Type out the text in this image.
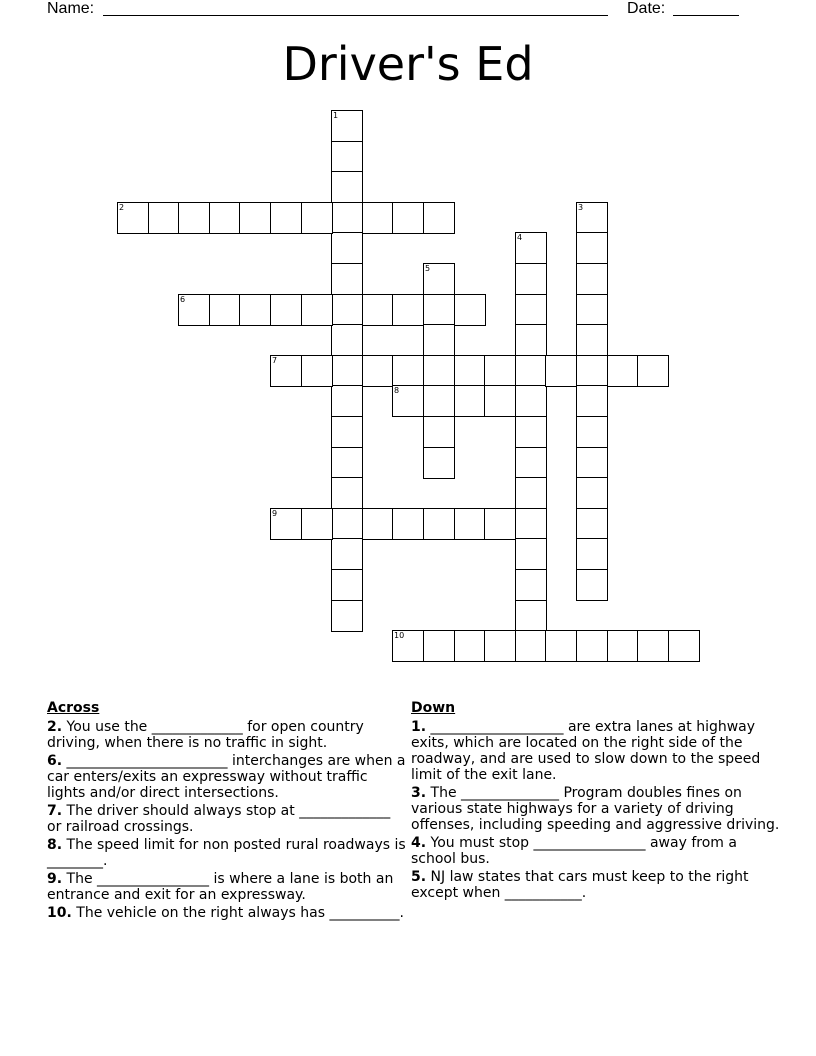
Name:	Date:
Driver's Ed
1
2	3
4
5
6
7
8
9
10
Across
2. You use the _____________ for open country driving, when there is no traffic in sight.
6. _______________________ interchanges are when a car enters/exits an expressway without traffic lights and/or direct intersections.
7. The driver should always stop at _____________ or railroad crossings.
8. The speed limit for non posted rural roadways is ________.
9. The ________________ is where a lane is both an entrance and exit for an expressway.
10. The vehicle on the right always has __________.
Down
1. ___________________ are extra lanes at highway exits, which are located on the right side of the roadway, and are used to slow down to the speed limit of the exit lane.
3. The ______________ Program doubles fines on various state highways for a variety of driving offenses, including speeding and aggressive driving.
4. You must stop ________________ away from a school bus.
5. NJ law states that cars must keep to the right except when ___________.
